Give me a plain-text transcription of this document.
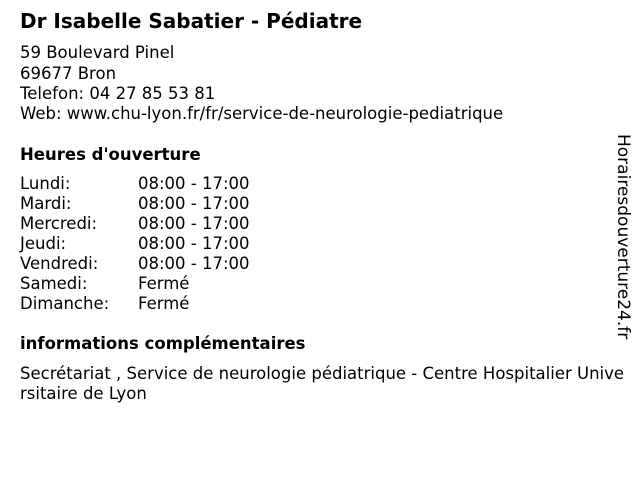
Dr Isabelle Sabatier - Pédiatre
59 Boulevard Pinel
69677 Bron
Telefon: 04 27 85 53 81
Web: www.chu-lyon.fr/fr/service-de-neurologie-pediatrique
Heures d'ouverture
Lundi:	08:00 - 17:00
Mardi:	08:00 - 17:00
Mercredi: 08:00 - 17:00
Jeudi:	08:00 - 17:00
Vendredi: 08:00 - 17:00
Samedi:	Fermé
Dimanche: Fermé
informations complémentaires
Secrétariat , Service de neurologie pédiatrique - Centre Hospitalier Universitaire de Lyon
Horairesdouverture24.fr
